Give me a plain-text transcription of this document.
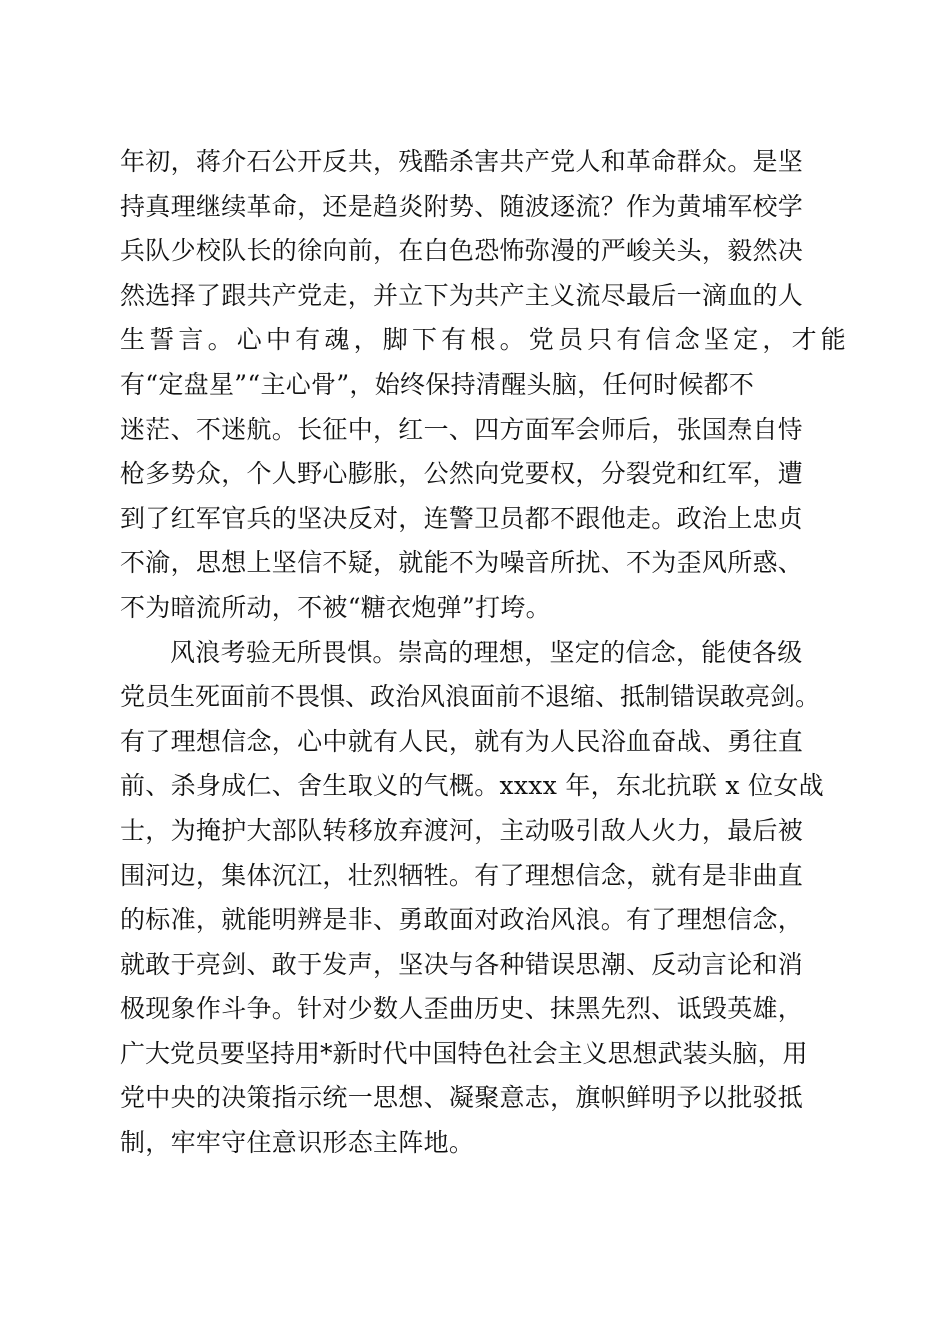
年初，蒋介石公开反共，残酷杀害共产党人和革命群众。是坚
持真理继续革命，还是趋炎附势、随波逐流？作为黄埔军校学
兵队少校队长的徐向前，在白色恐怖弥漫的严峻关头，毅然决
然选择了跟共产党走，并立下为共产主义流尽最后一滴血的人
生誓言。心中有魂，脚下有根。党员只有信念坚定，才能
有“定盘星”“主心骨”，始终保持清醒头脑，任何时候都不
迷茫、不迷航。长征中，红一、四方面军会师后，张国焘自恃
枪多势众，个人野心膨胀，公然向党要权，分裂党和红军，遭
到了红军官兵的坚决反对，连警卫员都不跟他走。政治上忠贞
不渝，思想上坚信不疑，就能不为噪音所扰、不为歪风所惑、
不为暗流所动，不被“糖衣炮弹”打垮。
风浪考验无所畏惧。崇高的理想，坚定的信念，能使各级
党员生死面前不畏惧、政治风浪面前不退缩、抵制错误敢亮剑。
有了理想信念，心中就有人民，就有为人民浴血奋战、勇往直
前、杀身成仁、舍生取义的气概。xxxx 年，东北抗联 x 位女战
士，为掩护大部队转移放弃渡河，主动吸引敌人火力，最后被
围河边，集体沉江，壮烈牺牲。有了理想信念，就有是非曲直
的标准，就能明辨是非、勇敢面对政治风浪。有了理想信念，
就敢于亮剑、敢于发声，坚决与各种错误思潮、反动言论和消
极现象作斗争。针对少数人歪曲历史、抹黑先烈、诋毁英雄，
广大党员要坚持用*新时代中国特色社会主义思想武装头脑，用
党中央的决策指示统一思想、凝聚意志，旗帜鲜明予以批驳抵
制，牢牢守住意识形态主阵地。
